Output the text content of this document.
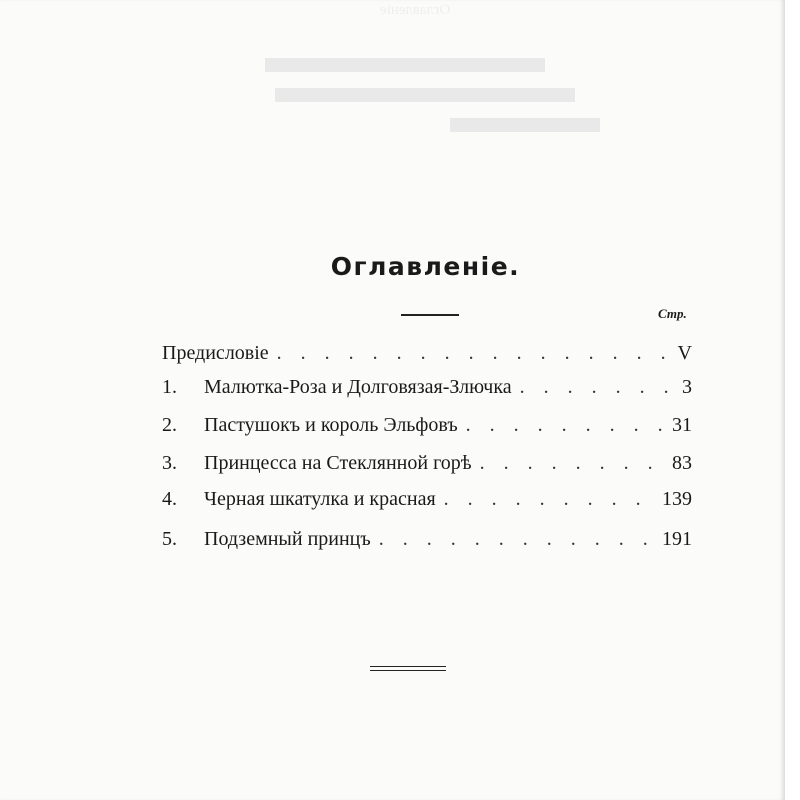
Оглавленіе
Оглавленіе.
Стр.
Предисловіе . . .	V
1.	Малютка-Роза и Долговязая-Злючка . . .	3
2.	Пастушокъ и король Эльфовъ . . .	31
3.	Принцесса на Стеклянной горѣ . . .	83
4.	Черная шкатулка и красная . . .	139
5.	Подземный принцъ . . .	191
